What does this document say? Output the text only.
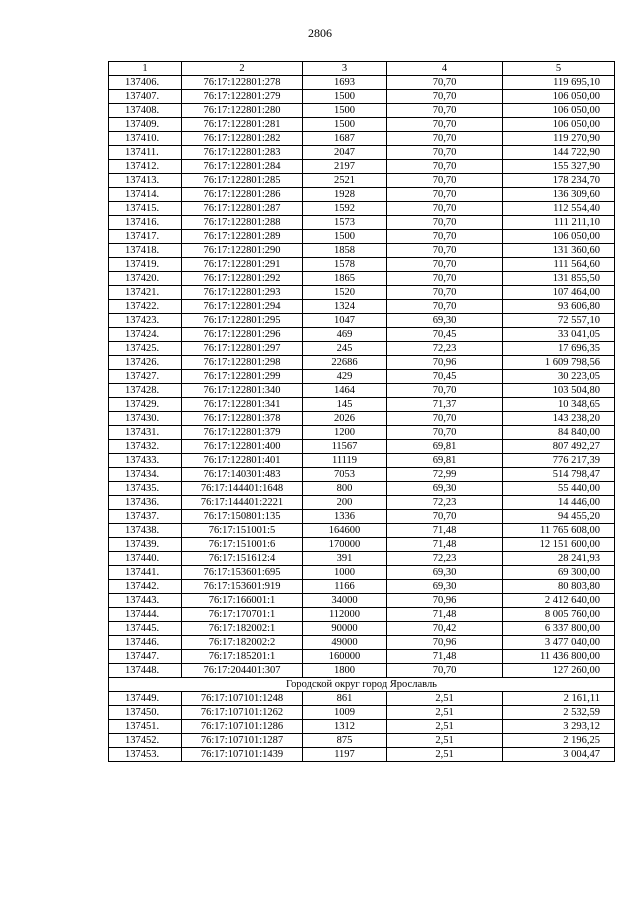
2806
1	2	3	4	5
137406.	76:17:122801:278	1693	70,70	119 695,10
137407.	76:17:122801:279	1500	70,70	106 050,00
137408.	76:17:122801:280	1500	70,70	106 050,00
137409.	76:17:122801:281	1500	70,70	106 050,00
137410.	76:17:122801:282	1687	70,70	119 270,90
137411.	76:17:122801:283	2047	70,70	144 722,90
137412.	76:17:122801:284	2197	70,70	155 327,90
137413.	76:17:122801:285	2521	70,70	178 234,70
137414.	76:17:122801:286	1928	70,70	136 309,60
137415.	76:17:122801:287	1592	70,70	112 554,40
137416.	76:17:122801:288	1573	70,70	111 211,10
137417.	76:17:122801:289	1500	70,70	106 050,00
137418.	76:17:122801:290	1858	70,70	131 360,60
137419.	76:17:122801:291	1578	70,70	111 564,60
137420.	76:17:122801:292	1865	70,70	131 855,50
137421.	76:17:122801:293	1520	70,70	107 464,00
137422.	76:17:122801:294	1324	70,70	93 606,80
137423.	76:17:122801:295	1047	69,30	72 557,10
137424.	76:17:122801:296	469	70,45	33 041,05
137425.	76:17:122801:297	245	72,23	17 696,35
137426.	76:17:122801:298	22686	70,96	1 609 798,56
137427.	76:17:122801:299	429	70,45	30 223,05
137428.	76:17:122801:340	1464	70,70	103 504,80
137429.	76:17:122801:341	145	71,37	10 348,65
137430.	76:17:122801:378	2026	70,70	143 238,20
137431.	76:17:122801:379	1200	70,70	84 840,00
137432.	76:17:122801:400	11567	69,81	807 492,27
137433.	76:17:122801:401	11119	69,81	776 217,39
137434.	76:17:140301:483	7053	72,99	514 798,47
137435.	76:17:144401:1648	800	69,30	55 440,00
137436.	76:17:144401:2221	200	72,23	14 446,00
137437.	76:17:150801:135	1336	70,70	94 455,20
137438.	76:17:151001:5	164600	71,48	11 765 608,00
137439.	76:17:151001:6	170000	71,48	12 151 600,00
137440.	76:17:151612:4	391	72,23	28 241,93
137441.	76:17:153601:695	1000	69,30	69 300,00
137442.	76:17:153601:919	1166	69,30	80 803,80
137443.	76:17:166001:1	34000	70,96	2 412 640,00
137444.	76:17:170701:1	112000	71,48	8 005 760,00
137445.	76:17:182002:1	90000	70,42	6 337 800,00
137446.	76:17:182002:2	49000	70,96	3 477 040,00
137447.	76:17:185201:1	160000	71,48	11 436 800,00
137448.	76:17:204401:307	1800	70,70	127 260,00
Городской округ город Ярославль				
137449.	76:17:107101:1248	861	2,51	2 161,11
137450.	76:17:107101:1262	1009	2,51	2 532,59
137451.	76:17:107101:1286	1312	2,51	3 293,12
137452.	76:17:107101:1287	875	2,51	2 196,25
137453.	76:17:107101:1439	1197	2,51	3 004,47
